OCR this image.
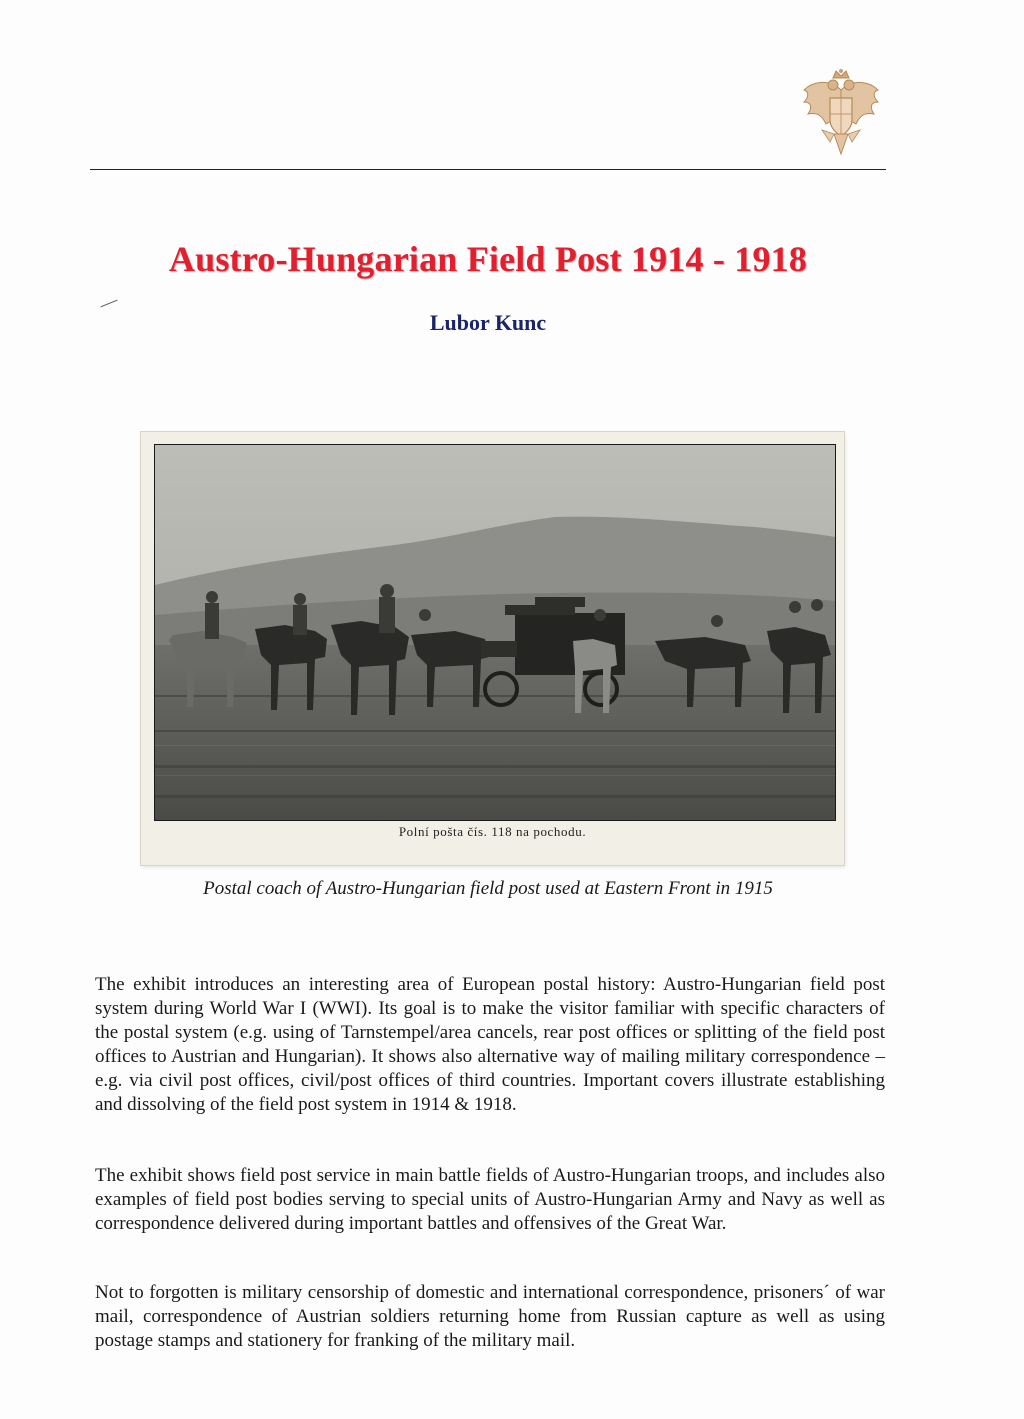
Austro-Hungarian Field Post 1914 - 1918
Lubor Kunc
Polní pošta čís. 118 na pochodu.
Postal coach of Austro-Hungarian field post used at Eastern Front in 1915

The exhibit introduces an interesting area of European postal history: Austro-Hungarian field post system during World War I (WWI). Its goal is to make the visitor familiar with specific characters of the postal system (e.g. using of Tarnstempel/area cancels, rear post offices or splitting of the field post offices to Austrian and Hungarian). It shows also alternative way of mailing military correspondence – e.g. via civil post offices, civil/post offices of third countries. Important covers illustrate establishing and dissolving of the field post system in 1914 & 1918.

The exhibit shows field post service in main battle fields of Austro-Hungarian troops, and includes also examples of field post bodies serving to special units of Austro-Hungarian Army and Navy as well as correspondence delivered during important battles and offensives of the Great War.

Not to forgotten is military censorship of domestic and international correspondence, prisoners´ of war mail, correspondence of Austrian soldiers returning home from Russian capture as well as using postage stamps and stationery for franking of the military mail.
